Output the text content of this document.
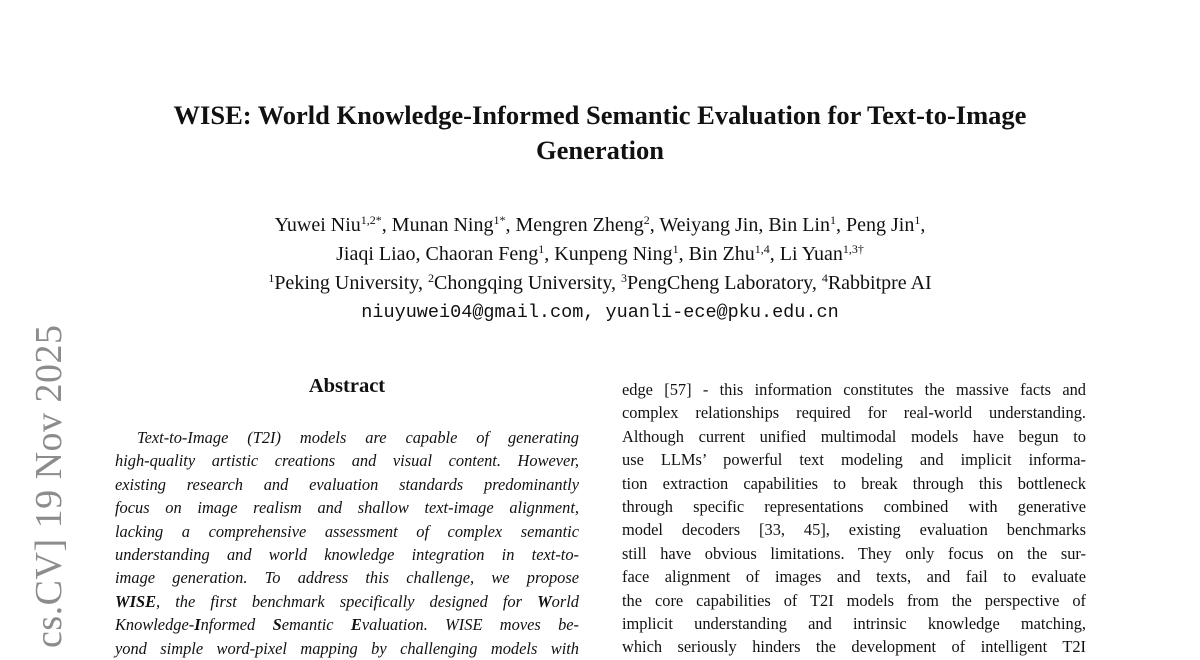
cs.CV] 19 Nov 2025
WISE: World Knowledge-Informed Semantic Evaluation for Text-to-Image
Generation
Yuwei Niu$^{1,2*}$, Munan Ning$^{1*}$, Mengren Zheng$^2$, Weiyang Jin, Bin Lin$^1$, Peng Jin$^1$,
Jiaqi Liao, Chaoran Feng$^1$, Kunpeng Ning$^1$, Bin Zhu$^{1,4}$, Li Yuan$^{1,3\dagger}$
$^1$Peking University, $^2$Chongqing University, $^3$PengCheng Laboratory, $^4$Rabbitpre AI
niuyuwei04@gmail.com, yuanli-ece@pku.edu.cn
Abstract
Text-to-Image (T2I) models are capable of generating
high-quality artistic creations and visual content. However,
existing research and evaluation standards predominantly
focus on image realism and shallow text-image alignment,
lacking a comprehensive assessment of complex semantic
understanding and world knowledge integration in text-to-
image generation. To address this challenge, we propose
WISE, the first benchmark specifically designed for World
Knowledge-Informed Semantic Evaluation. WISE moves be-
yond simple word-pixel mapping by challenging models with
edge [57] - this information constitutes the massive facts and
complex relationships required for real-world understanding.
Although current unified multimodal models have begun to
use LLMs’ powerful text modeling and implicit informa-
tion extraction capabilities to break through this bottleneck
through specific representations combined with generative
model decoders [33, 45], existing evaluation benchmarks
still have obvious limitations. They only focus on the sur-
face alignment of images and texts, and fail to evaluate
the core capabilities of T2I models from the perspective of
implicit understanding and intrinsic knowledge matching,
which seriously hinders the development of intelligent T2I
